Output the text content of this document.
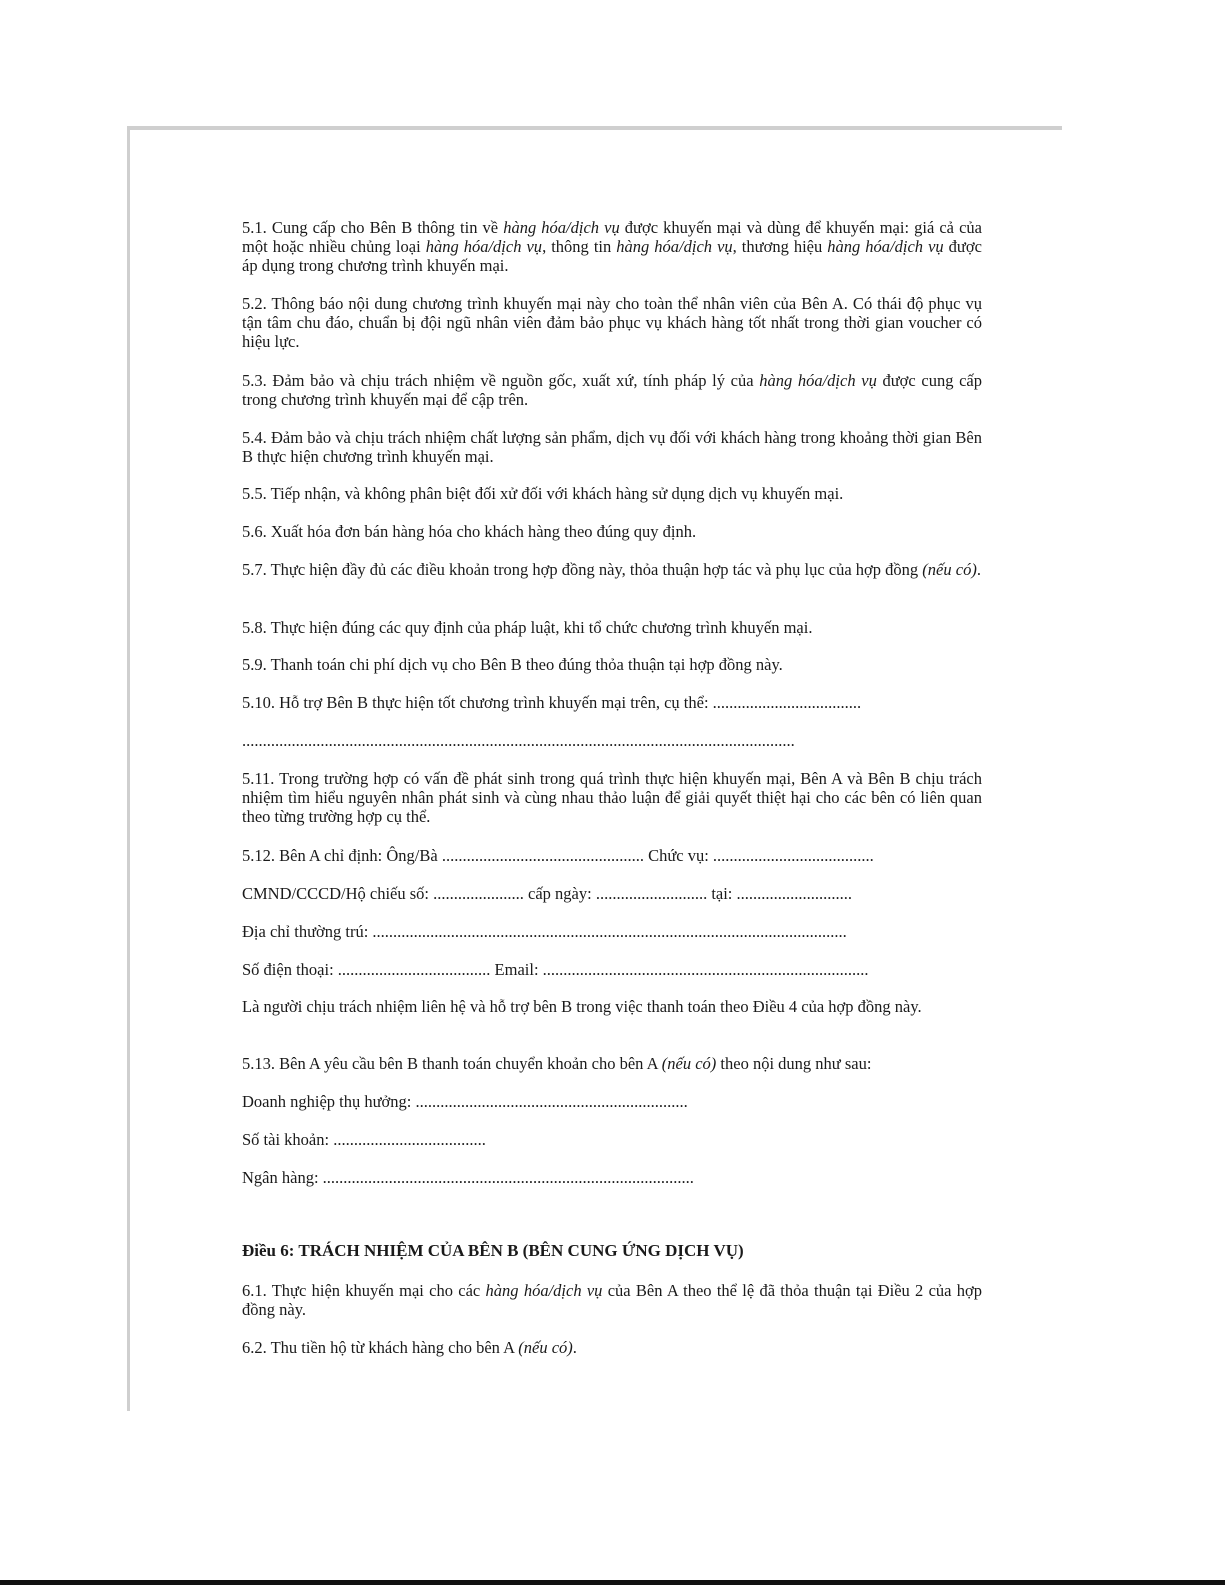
5.1. Cung cấp cho Bên B thông tin về hàng hóa/dịch vụ được khuyến mại và dùng để khuyến mại: giá cả của một hoặc nhiều chủng loại hàng hóa/dịch vụ, thông tin hàng hóa/dịch vụ, thương hiệu hàng hóa/dịch vụ được áp dụng trong chương trình khuyến mại.

5.2. Thông báo nội dung chương trình khuyến mại này cho toàn thể nhân viên của Bên A. Có thái độ phục vụ tận tâm chu đáo, chuẩn bị đội ngũ nhân viên đảm bảo phục vụ khách hàng tốt nhất trong thời gian voucher có hiệu lực.

5.3. Đảm bảo và chịu trách nhiệm về nguồn gốc, xuất xứ, tính pháp lý của hàng hóa/dịch vụ được cung cấp trong chương trình khuyến mại để cập trên.

5.4. Đảm bảo và chịu trách nhiệm chất lượng sản phẩm, dịch vụ đối với khách hàng trong khoảng thời gian Bên B thực hiện chương trình khuyến mại.

5.5. Tiếp nhận, và không phân biệt đối xử đối với khách hàng sử dụng dịch vụ khuyến mại.

5.6. Xuất hóa đơn bán hàng hóa cho khách hàng theo đúng quy định.

5.7. Thực hiện đầy đủ các điều khoản trong hợp đồng này, thỏa thuận hợp tác và phụ lục của hợp đồng (nếu có).

5.8. Thực hiện đúng các quy định của pháp luật, khi tổ chức chương trình khuyến mại.

5.9. Thanh toán chi phí dịch vụ cho Bên B theo đúng thỏa thuận tại hợp đồng này.

5.10. Hỗ trợ Bên B thực hiện tốt chương trình khuyến mại trên, cụ thể: ....................................

......................................................................................................................................

5.11. Trong trường hợp có vấn đề phát sinh trong quá trình thực hiện khuyến mại, Bên A và Bên B chịu trách nhiệm tìm hiểu nguyên nhân phát sinh và cùng nhau thảo luận để giải quyết thiệt hại cho các bên có liên quan theo từng trường hợp cụ thể.

5.12. Bên A chỉ định: Ông/Bà ................................................. Chức vụ: .......................................

CMND/CCCD/Hộ chiếu số: ...................... cấp ngày: ........................... tại: ............................

Địa chỉ thường trú: ...................................................................................................................

Số điện thoại: ..................................... Email: ...............................................................................

Là người chịu trách nhiệm liên hệ và hỗ trợ bên B trong việc thanh toán theo Điều 4 của hợp đồng này.

5.13. Bên A yêu cầu bên B thanh toán chuyển khoản cho bên A (nếu có) theo nội dung như sau:

Doanh nghiệp thụ hưởng: ..................................................................

Số tài khoản: .....................................

Ngân hàng: ..........................................................................................

Điều 6: TRÁCH NHIỆM CỦA BÊN B (BÊN CUNG ỨNG DỊCH VỤ)

6.1. Thực hiện khuyến mại cho các hàng hóa/dịch vụ của Bên A theo thể lệ đã thỏa thuận tại Điều 2 của hợp đồng này.

6.2. Thu tiền hộ từ khách hàng cho bên A (nếu có).
